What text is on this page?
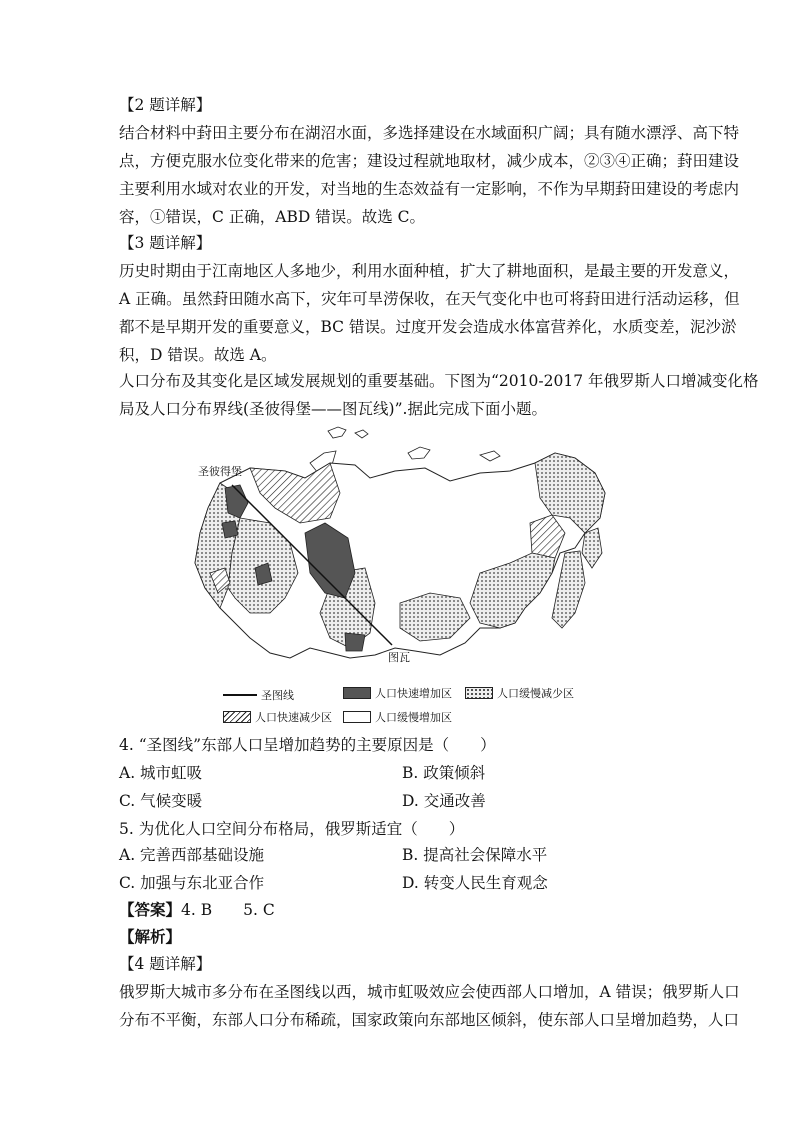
【2 题详解】
结合材料中葑田主要分布在湖沼水面，多选择建设在水域面积广阔；具有随水漂浮、高下特
点，方便克服水位变化带来的危害；建设过程就地取材，减少成本，②③④正确；葑田建设
主要利用水域对农业的开发，对当地的生态效益有一定影响，不作为早期葑田建设的考虑内
容，①错误，C 正确，ABD 错误。故选 C。
【3 题详解】
历史时期由于江南地区人多地少，利用水面种植，扩大了耕地面积，是最主要的开发意义，
A 正确。虽然葑田随水高下，灾年可旱涝保收，在天气变化中也可将葑田进行活动运移，但
都不是早期开发的重要意义，BC 错误。过度开发会造成水体富营养化，水质变差，泥沙淤
积，D 错误。故选 A。
人口分布及其变化是区域发展规划的重要基础。下图为“2010-2017 年俄罗斯人口增减变化格
局及人口分布界线(圣彼得堡——图瓦线)”.据此完成下面小题。
圣彼得堡
图瓦
圣图线	人口快速增加区	人口缓慢减少区
人口快速减少区	人口缓慢增加区
4. “圣图线”东部人口呈增加趋势的主要原因是（　　）
A. 城市虹吸	B. 政策倾斜
C. 气候变暖	D. 交通改善
5. 为优化人口空间分布格局，俄罗斯适宜（　　）
A. 完善西部基础设施	B. 提高社会保障水平
C. 加强与东北亚合作	D. 转变人民生育观念
【答案】4. B　　5. C
【解析】
【4 题详解】
俄罗斯大城市多分布在圣图线以西，城市虹吸效应会使西部人口增加，A 错误；俄罗斯人口
分布不平衡，东部人口分布稀疏，国家政策向东部地区倾斜，使东部人口呈增加趋势，人口
